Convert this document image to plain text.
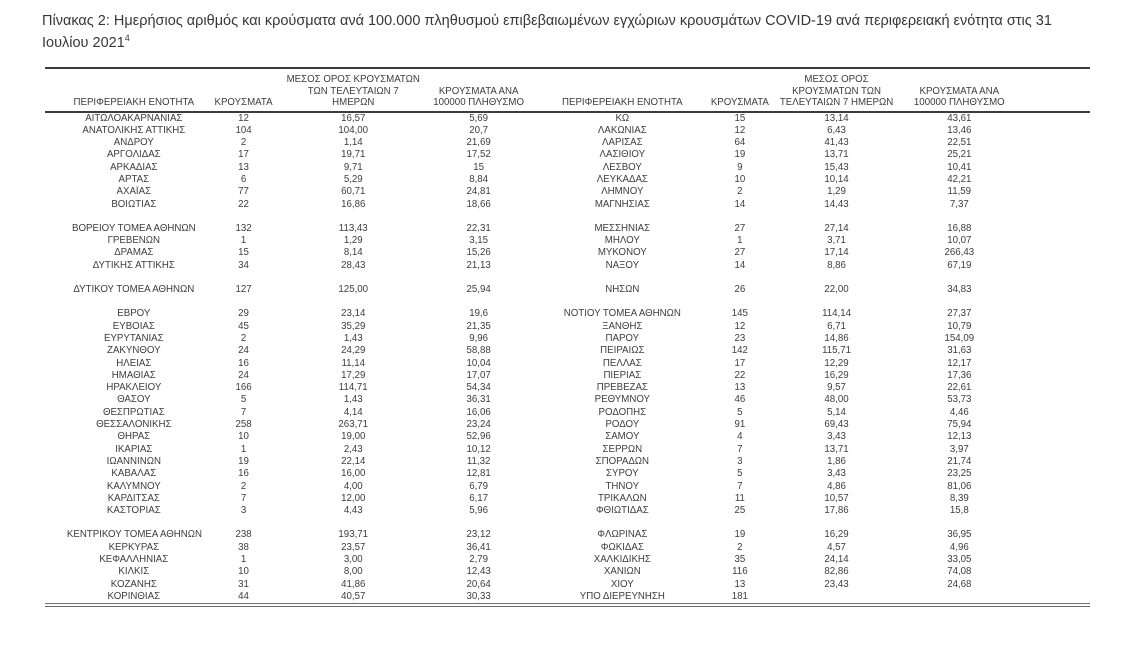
Πίνακας 2: Ημερήσιος αριθμός και κρούσματα ανά 100.000 πληθυσμού επιβεβαιωμένων εγχώριων κρουσμάτων COVID-19 ανά περιφερειακή ενότητα στις 31 Ιουλίου 2021$^4$
	ΠΕΡΙΦΕΡΕΙΑΚΗ ΕΝΟΤΗΤΑ	ΚΡΟΥΣΜΑΤΑ	ΜΕΣΟΣ ΟΡΟΣ ΚΡΟΥΣΜΑΤΩΝ ΤΩΝ ΤΕΛΕΥΤΑΙΩΝ 7 ΗΜΕΡΩΝ	ΚΡΟΥΣΜΑΤΑ ΑΝΑ 100000 ΠΛΗΘΥΣΜΟ	ΠΕΡΙΦΕΡΕΙΑΚΗ ΕΝΟΤΗΤΑ	ΚΡΟΥΣΜΑΤΑ	ΜΕΣΟΣ ΟΡΟΣ ΚΡΟΥΣΜΑΤΩΝ ΤΩΝ ΤΕΛΕΥΤΑΙΩΝ 7 ΗΜΕΡΩΝ	ΚΡΟΥΣΜΑΤΑ ΑΝΑ 100000 ΠΛΗΘΥΣΜΟ	
	ΑΙΤΩΛΟΑΚΑΡΝΑΝΙΑΣ	12	16,57	5,69	ΚΩ	15	13,14	43,61	
	ΑΝΑΤΟΛΙΚΗΣ ΑΤΤΙΚΗΣ	104	104,00	20,7	ΛΑΚΩΝΙΑΣ	12	6,43	13,46	
	ΑΝΔΡΟΥ	2	1,14	21,69	ΛΑΡΙΣΑΣ	64	41,43	22,51	
	ΑΡΓΟΛΙΔΑΣ	17	19,71	17,52	ΛΑΣΙΘΙΟΥ	19	13,71	25,21	
	ΑΡΚΑΔΙΑΣ	13	9,71	15	ΛΕΣΒΟΥ	9	15,43	10,41	
	ΑΡΤΑΣ	6	5,29	8,84	ΛΕΥΚΑΔΑΣ	10	10,14	42,21	
	ΑΧΑΪΑΣ	77	60,71	24,81	ΛΗΜΝΟΥ	2	1,29	11,59	
	ΒΟΙΩΤΙΑΣ	22	16,86	18,66	ΜΑΓΝΗΣΙΑΣ	14	14,43	7,37	

	ΒΟΡΕΙΟΥ ΤΟΜΕΑ ΑΘΗΝΩΝ	132	113,43	22,31	ΜΕΣΣΗΝΙΑΣ	27	27,14	16,88	
	ΓΡΕΒΕΝΩΝ	1	1,29	3,15	ΜΗΛΟΥ	1	3,71	10,07	
	ΔΡΑΜΑΣ	15	8,14	15,26	ΜΥΚΟΝΟΥ	27	17,14	266,43	
	ΔΥΤΙΚΗΣ ΑΤΤΙΚΗΣ	34	28,43	21,13	ΝΑΞΟΥ	14	8,86	67,19	

	ΔΥΤΙΚΟΥ ΤΟΜΕΑ ΑΘΗΝΩΝ	127	125,00	25,94	ΝΗΣΩΝ	26	22,00	34,83	

	ΕΒΡΟΥ	29	23,14	19,6	ΝΟΤΙΟΥ ΤΟΜΕΑ ΑΘΗΝΩΝ	145	114,14	27,37	
	ΕΥΒΟΙΑΣ	45	35,29	21,35	ΞΑΝΘΗΣ	12	6,71	10,79	
	ΕΥΡΥΤΑΝΙΑΣ	2	1,43	9,96	ΠΑΡΟΥ	23	14,86	154,09	
	ΖΑΚΥΝΘΟΥ	24	24,29	58,88	ΠΕΙΡΑΙΩΣ	142	115,71	31,63	
	ΗΛΕΙΑΣ	16	11,14	10,04	ΠΕΛΛΑΣ	17	12,29	12,17	
	ΗΜΑΘΙΑΣ	24	17,29	17,07	ΠΙΕΡΙΑΣ	22	16,29	17,36	
	ΗΡΑΚΛΕΙΟΥ	166	114,71	54,34	ΠΡΕΒΕΖΑΣ	13	9,57	22,61	
	ΘΑΣΟΥ	5	1,43	36,31	ΡΕΘΥΜΝΟΥ	46	48,00	53,73	
	ΘΕΣΠΡΩΤΙΑΣ	7	4,14	16,06	ΡΟΔΟΠΗΣ	5	5,14	4,46	
	ΘΕΣΣΑΛΟΝΙΚΗΣ	258	263,71	23,24	ΡΟΔΟΥ	91	69,43	75,94	
	ΘΗΡΑΣ	10	19,00	52,96	ΣΑΜΟΥ	4	3,43	12,13	
	ΙΚΑΡΙΑΣ	1	2,43	10,12	ΣΕΡΡΩΝ	7	13,71	3,97	
	ΙΩΑΝΝΙΝΩΝ	19	22,14	11,32	ΣΠΟΡΑΔΩΝ	3	1,86	21,74	
	ΚΑΒΑΛΑΣ	16	16,00	12,81	ΣΥΡΟΥ	5	3,43	23,25	
	ΚΑΛΥΜΝΟΥ	2	4,00	6,79	ΤΗΝΟΥ	7	4,86	81,06	
	ΚΑΡΔΙΤΣΑΣ	7	12,00	6,17	ΤΡΙΚΑΛΩΝ	11	10,57	8,39	
	ΚΑΣΤΟΡΙΑΣ	3	4,43	5,96	ΦΘΙΩΤΙΔΑΣ	25	17,86	15,8	

	ΚΕΝΤΡΙΚΟΥ ΤΟΜΕΑ ΑΘΗΝΩΝ	238	193,71	23,12	ΦΛΩΡΙΝΑΣ	19	16,29	36,95	
	ΚΕΡΚΥΡΑΣ	38	23,57	36,41	ΦΩΚΙΔΑΣ	2	4,57	4,96	
	ΚΕΦΑΛΛΗΝΙΑΣ	1	3,00	2,79	ΧΑΛΚΙΔΙΚΗΣ	35	24,14	33,05	
	ΚΙΛΚΙΣ	10	8,00	12,43	ΧΑΝΙΩΝ	116	82,86	74,08	
	ΚΟΖΑΝΗΣ	31	41,86	20,64	ΧΙΟΥ	13	23,43	24,68	
	ΚΟΡΙΝΘΙΑΣ	44	40,57	30,33	ΥΠΟ ΔΙΕΡΕΥΝΗΣΗ	181			
